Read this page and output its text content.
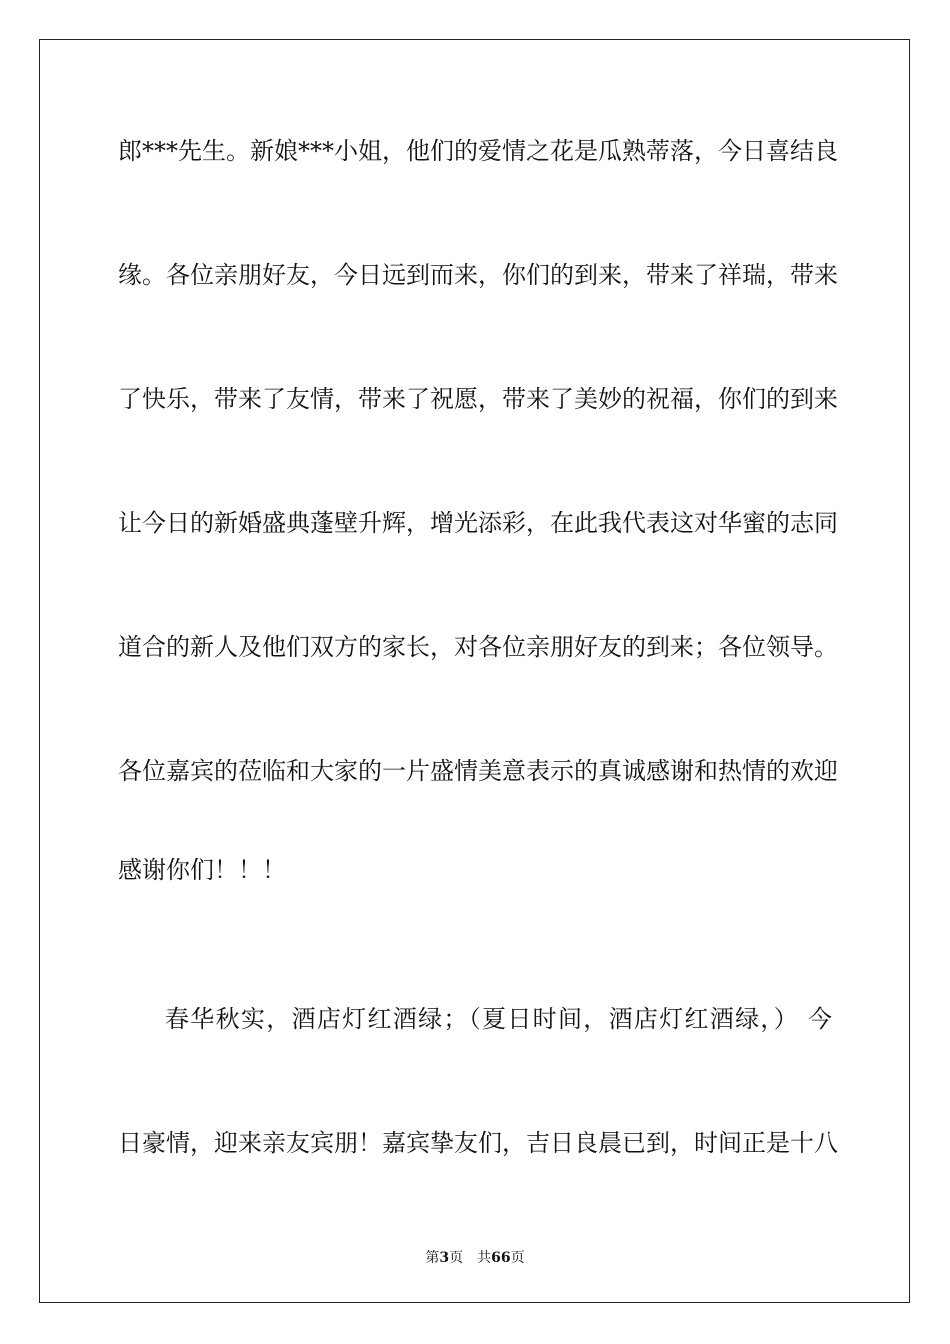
郎***先生。新娘***小姐，他们的爱情之花是瓜熟蒂落，今日喜结良
缘。各位亲朋好友，今日远到而来，你们的到来，带来了祥瑞，带来
了快乐，带来了友情，带来了祝愿，带来了美妙的祝福，你们的到来
让今日的新婚盛典蓬壁升辉，增光添彩，在此我代表这对华蜜的志同
道合的新人及他们双方的家长，对各位亲朋好友的到来；各位领导。
各位嘉宾的莅临和大家的一片盛情美意表示的真诚感谢和热情的欢迎
感谢你们！！！
春华秋实，酒店灯红酒绿；（夏日时间，酒店灯红酒绿，） 今
日豪情，迎来亲友宾朋！嘉宾挚友们，吉日良晨已到，时间正是十八
第3页 共66页
